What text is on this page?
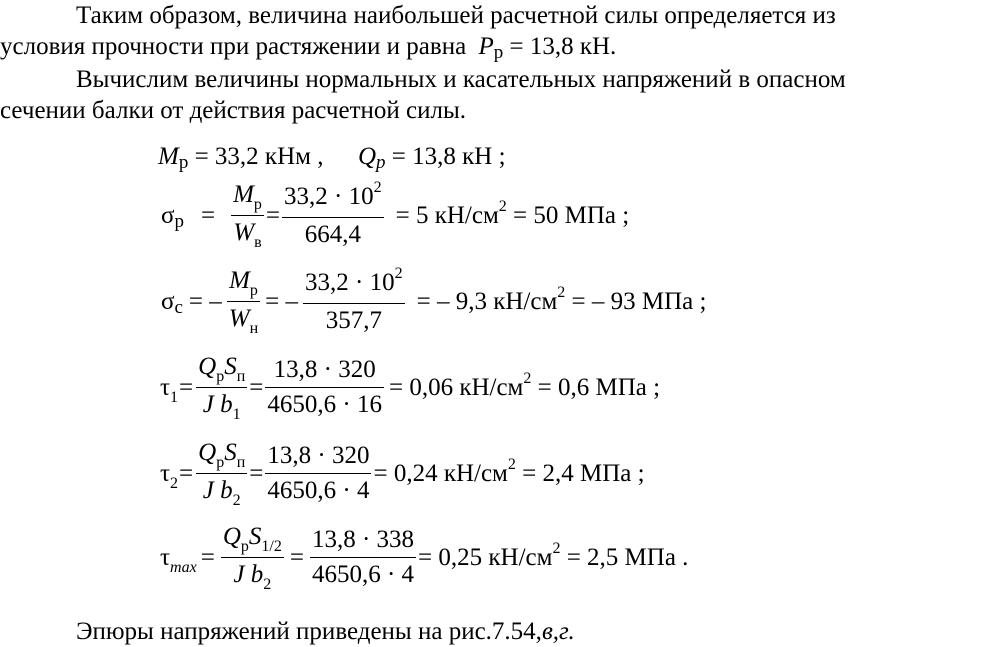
Таким образом, величина наибольшей расчетной силы определяется из
условия прочности при растяжении и равна Pр = 13,8 кН.

Вычислим величины нормальных и касательных напряжений в опасном
сечении балки от действия расчетной силы.

Mр = 33,2 кНм , Qр = 13,8 кН ;
$\sigma р = \frac{M_р}{W_в} = \frac{33,2 \cdot 10^2}{664,4} = 5$ $кН/см^2 = 50$ МПа ;
σс = – $\frac{M_р}{W_н}$ = – $\frac{33,2 \cdot 10^2}{357,7}$ = – 9,3 $кН/см^2$ = – 93 МПа ;
$\tau_1 = \frac{Q_рS_п}{J b_1} = \frac{13,8 \cdot 320}{4650,6 \cdot 16} = 0,06$ $кН/см^2 = 0,6$ МПа ;
$\tau_2 = \frac{Q_рS_п}{J b_2} = \frac{13,8 \cdot 320}{4650,6 \cdot 4} = 0,24$ $кН/см^2 = 2,4$ МПа ;
$\tau_{max} = \frac{Q_рS_{1/2}}{J b_2} = \frac{13,8 \cdot 338}{4650,6 \cdot 4} = 0,25$ $кН/см^2 = 2,5$ МПа .

Эпюры напряжений приведены на рис.7.54,в,г.
